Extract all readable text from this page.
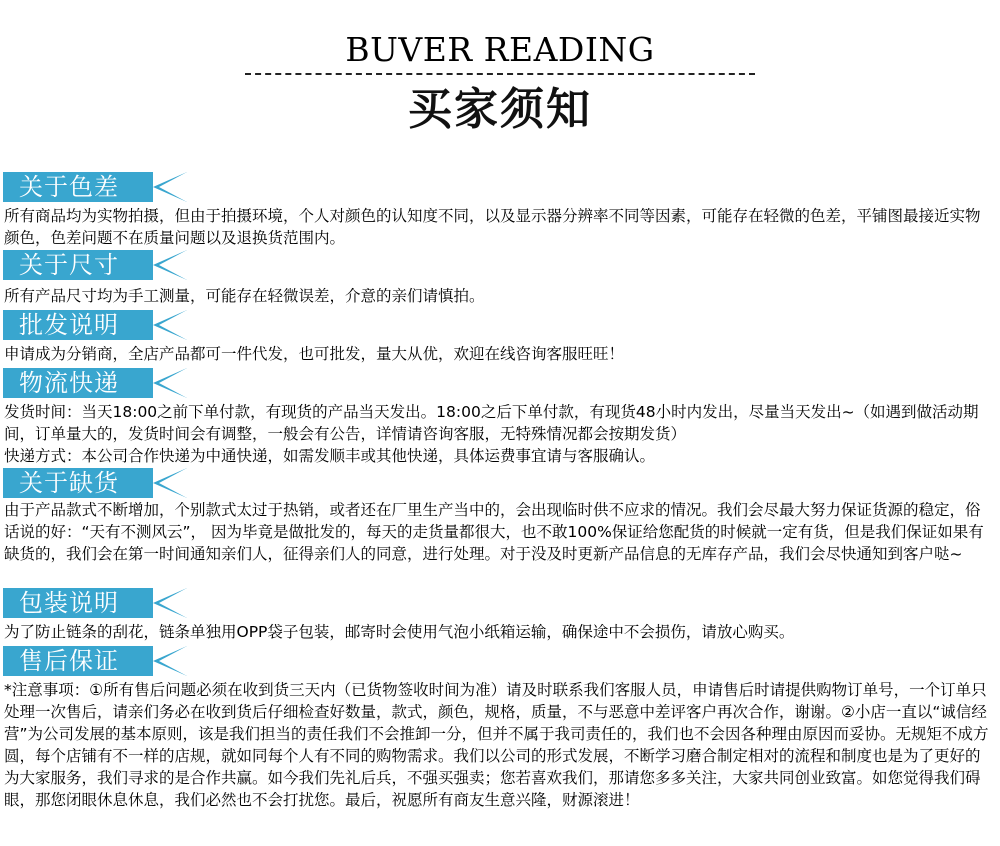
BUVER READING
买家须知
关于色差
所有商品均为实物拍摄，但由于拍摄环境，个人对颜色的认知度不同，以及显示器分辨率不同等因素，可能存在轻微的色差，平铺图最接近实物颜色，色差问题不在质量问题以及退换货范围内。
关于尺寸
所有产品尺寸均为手工测量，可能存在轻微误差，介意的亲们请慎拍。
批发说明
申请成为分销商，全店产品都可一件代发，也可批发，量大从优，欢迎在线咨询客服旺旺！
物流快递
发货时间：当天18:00之前下单付款，有现货的产品当天发出。18:00之后下单付款，有现货48小时内发出，尽量当天发出~（如遇到做活动期间，订单量大的，发货时间会有调整，一般会有公告，详情请咨询客服，无特殊情况都会按期发货）
快递方式：本公司合作快递为中通快递，如需发顺丰或其他快递，具体运费事宜请与客服确认。
关于缺货
由于产品款式不断增加，个别款式太过于热销，或者还在厂里生产当中的，会出现临时供不应求的情况。我们会尽最大努力保证货源的稳定，俗话说的好：“天有不测风云”， 因为毕竟是做批发的，每天的走货量都很大，也不敢100%保证给您配货的时候就一定有货，但是我们保证如果有缺货的，我们会在第一时间通知亲们人，征得亲们人的同意，进行处理。对于没及时更新产品信息的无库存产品，我们会尽快通知到客户哒~
包装说明
为了防止链条的刮花，链条单独用OPP袋子包装，邮寄时会使用气泡小纸箱运输，确保途中不会损伤，请放心购买。
售后保证
*注意事项：①所有售后问题必须在收到货三天内（已货物签收时间为准）请及时联系我们客服人员，申请售后时请提供购物订单号，一个订单只处理一次售后，请亲们务必在收到货后仔细检查好数量，款式，颜色，规格，质量，不与恶意中差评客户再次合作，谢谢。②小店一直以“诚信经营”为公司发展的基本原则，该是我们担当的责任我们不会推卸一分，但并不属于我司责任的，我们也不会因各种理由原因而妥协。无规矩不成方圆，每个店铺有不一样的店规，就如同每个人有不同的购物需求。我们以公司的形式发展，不断学习磨合制定相对的流程和制度也是为了更好的为大家服务，我们寻求的是合作共赢。如今我们先礼后兵，不强买强卖；您若喜欢我们，那请您多多关注，大家共同创业致富。如您觉得我们碍眼，那您闭眼休息休息，我们必然也不会打扰您。最后，祝愿所有商友生意兴隆，财源滚进！
